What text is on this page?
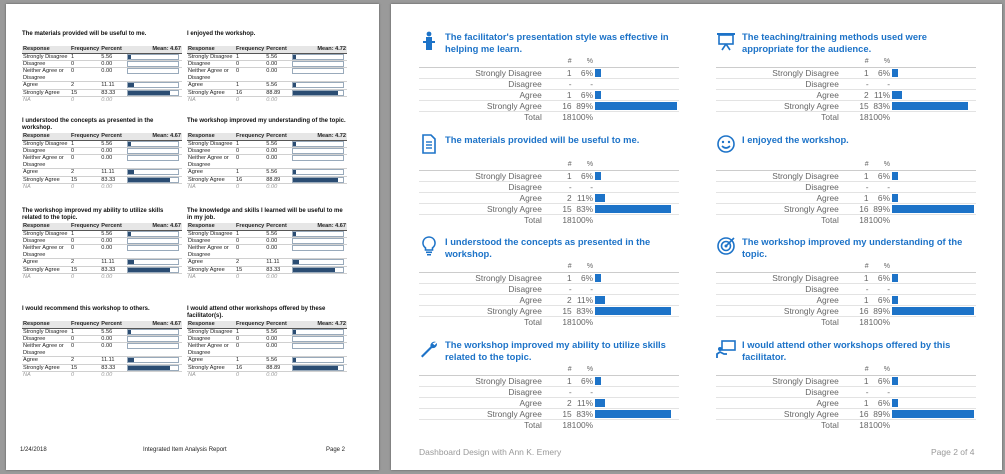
The materials provided will be useful to me.
Response	Frequency	Percent	Mean: 4.67
Strongly Disagree	1	5.56	

Disagree	0	0.00	

Neither Agree or Disagree	0	0.00	

Agree	2	11.11	

Strongly Agree	15	83.33	

NA	0	0.00	
I enjoyed the workshop.
Response	Frequency	Percent	Mean: 4.72
Strongly Disagree	1	5.56	

Disagree	0	0.00	

Neither Agree or Disagree	0	0.00	

Agree	1	5.56	

Strongly Agree	16	88.89	

NA	0	0.00	
I understood the concepts as presented in the workshop.
Response	Frequency	Percent	Mean: 4.67
Strongly Disagree	1	5.56	

Disagree	0	0.00	

Neither Agree or Disagree	0	0.00	

Agree	2	11.11	

Strongly Agree	15	83.33	

NA	0	0.00	
The workshop improved my understanding of the topic.
Response	Frequency	Percent	Mean: 4.72
Strongly Disagree	1	5.56	

Disagree	0	0.00	

Neither Agree or Disagree	0	0.00	

Agree	1	5.56	

Strongly Agree	16	88.89	

NA	0	0.00	
The workshop improved my ability to utilize skills related to the topic.
Response	Frequency	Percent	Mean: 4.67
Strongly Disagree	1	5.56	

Disagree	0	0.00	

Neither Agree or Disagree	0	0.00	

Agree	2	11.11	

Strongly Agree	15	83.33	

NA	0	0.00	
The knowledge and skills I learned will be useful to me in my job.
Response	Frequency	Percent	Mean: 4.67
Strongly Disagree	1	5.56	

Disagree	0	0.00	

Neither Agree or Disagree	0	0.00	

Agree	2	11.11	

Strongly Agree	15	83.33	

NA	0	0.00	
I would recommend this workshop to others.
Response	Frequency	Percent	Mean: 4.67
Strongly Disagree	1	5.56	

Disagree	0	0.00	

Neither Agree or Disagree	0	0.00	

Agree	2	11.11	

Strongly Agree	15	83.33	

NA	0	0.00	
I would attend other workshops offered by these facilitator(s).
Response	Frequency	Percent	Mean: 4.72
Strongly Disagree	1	5.56	

Disagree	0	0.00	

Neither Agree or Disagree	0	0.00	

Agree	1	5.56	

Strongly Agree	16	88.89	

NA	0	0.00	
1/24/2018	Integrated Item Analysis Report	Page 2
The facilitator's presentation style was effective in helping me learn.
	#	%	
Strongly Disagree	1	6%	

Disagree	-	-	

Agree	1	6%	

Strongly Agree	16	89%	

Total	18	100%	
The teaching/training methods used were appropriate for the audience.
	#	%	
Strongly Disagree	1	6%	

Disagree	-	-	

Agree	2	11%	

Strongly Agree	15	83%	

Total	18	100%	
The materials provided will be useful to me.
	#	%	
Strongly Disagree	1	6%	

Disagree	-	-	

Agree	2	11%	

Strongly Agree	15	83%	

Total	18	100%	
I enjoyed the workshop.
	#	%	
Strongly Disagree	1	6%	

Disagree	-	-	

Agree	1	6%	

Strongly Agree	16	89%	

Total	18	100%	
I understood the concepts as presented in the workshop.
	#	%	
Strongly Disagree	1	6%	

Disagree	-	-	

Agree	2	11%	

Strongly Agree	15	83%	

Total	18	100%	
The workshop improved my understanding of the topic.
	#	%	
Strongly Disagree	1	6%	

Disagree	-	-	

Agree	1	6%	

Strongly Agree	16	89%	

Total	18	100%	
The workshop improved my ability to utilize skills related to the topic.
	#	%	
Strongly Disagree	1	6%	

Disagree	-	-	

Agree	2	11%	

Strongly Agree	15	83%	

Total	18	100%	
I would attend other workshops offered by this facilitator.
	#	%	
Strongly Disagree	1	6%	

Disagree	-	-	

Agree	1	6%	

Strongly Agree	16	89%	

Total	18	100%	
Dashboard Design with Ann K. Emery	Page 2 of 4
